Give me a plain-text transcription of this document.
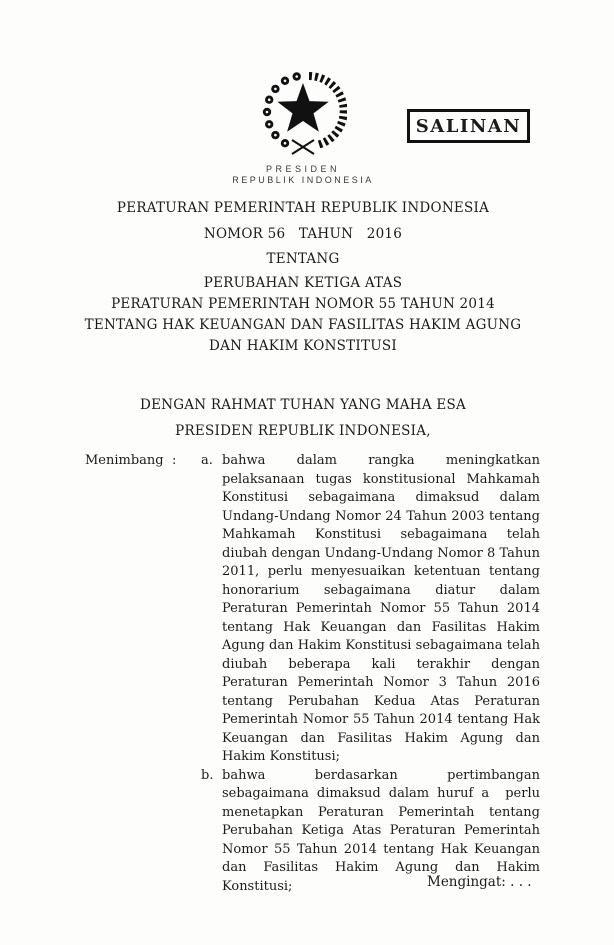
SALINAN
PRESIDEN
REPUBLIK INDONESIA
PERATURAN PEMERINTAH REPUBLIK INDONESIA
NOMOR 56   TAHUN   2016
TENTANG
PERUBAHAN KETIGA ATAS
PERATURAN PEMERINTAH NOMOR 55 TAHUN 2014
TENTANG HAK KEUANGAN DAN FASILITAS HAKIM AGUNG
DAN HAKIM KONSTITUSI
DENGAN RAHMAT TUHAN YANG MAHA ESA
PRESIDEN REPUBLIK INDONESIA,
Menimbang : a. bahwa dalam rangka meningkatkan pelaksanaan tugas konstitusional Mahkamah Konstitusi sebagaimana dimaksud dalam Undang-Undang Nomor 24 Tahun 2003 tentang Mahkamah Konstitusi sebagaimana telah diubah dengan Undang-Undang Nomor 8 Tahun 2011, perlu menyesuaikan ketentuan tentang honorarium sebagaimana diatur dalam Peraturan Pemerintah Nomor 55 Tahun 2014 tentang Hak Keuangan dan Fasilitas Hakim Agung dan Hakim Konstitusi sebagaimana telah diubah beberapa kali terakhir dengan Peraturan Pemerintah Nomor 3 Tahun 2016 tentang Perubahan Kedua Atas Peraturan Pemerintah Nomor 55 Tahun 2014 tentang Hak Keuangan dan Fasilitas Hakim Agung dan Hakim Konstitusi;
b. bahwa berdasarkan pertimbangan sebagaimana dimaksud dalam huruf a  perlu menetapkan Peraturan Pemerintah tentang Perubahan Ketiga Atas Peraturan Pemerintah Nomor 55 Tahun 2014 tentang Hak Keuangan dan Fasilitas Hakim Agung dan Hakim Konstitusi;	Mengingat: . . .
